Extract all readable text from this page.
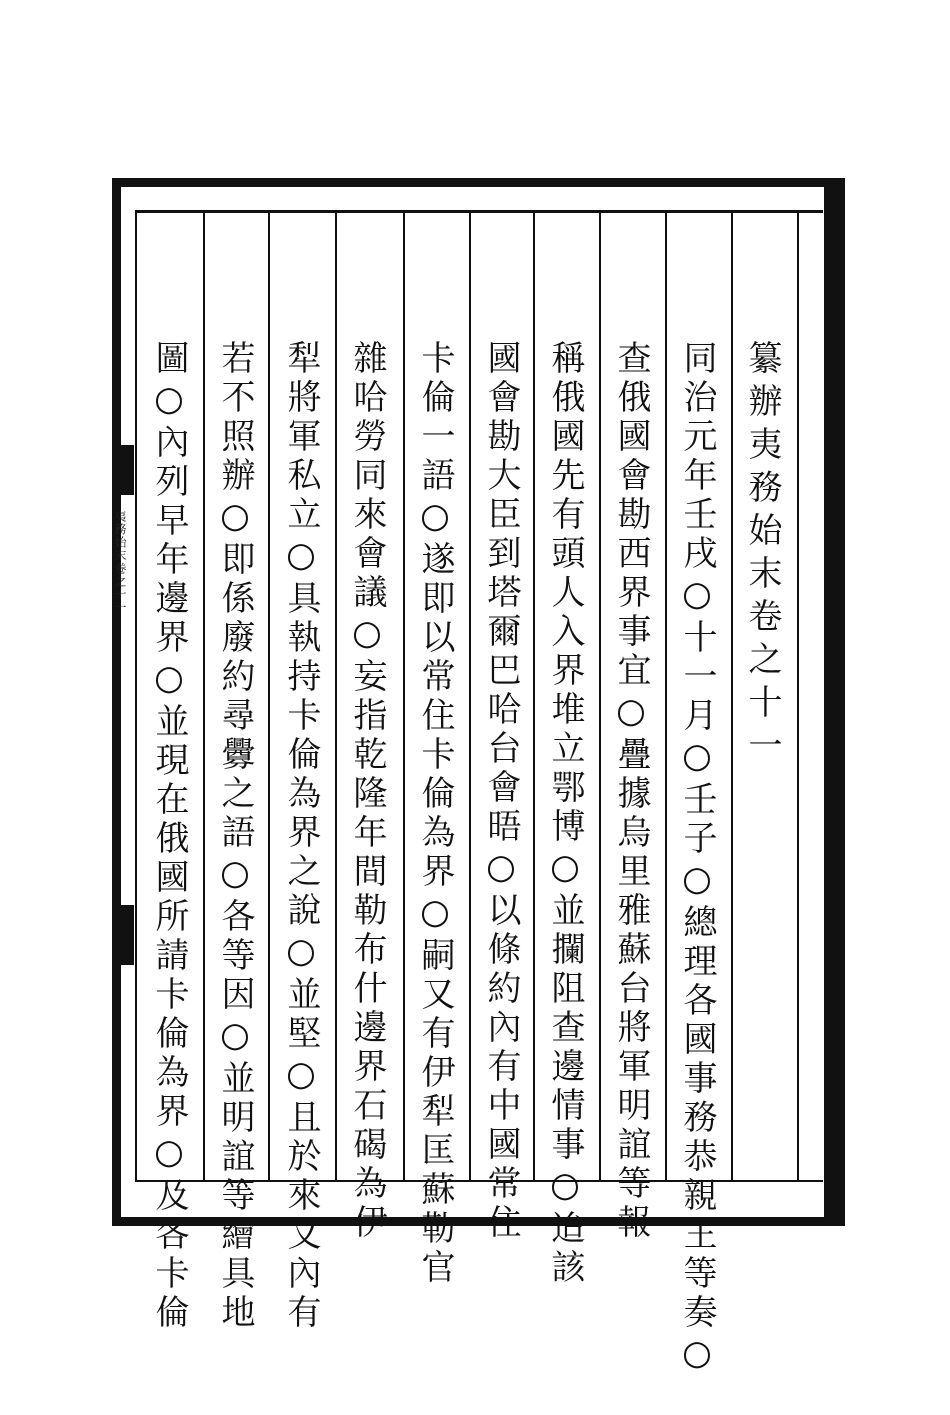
夷務始末卷之十一	纂辦夷務始末卷之十一
同治元年壬戌○十一月○壬子○總理各國事務恭親王等奏○
查俄國會勘西界事宜○疊據烏里雅蘇台將軍明誼等報
稱俄國先有頭人入界堆立鄂博○並攔阻查邊情事○迨該
國會勘大臣到塔爾巴哈台會晤○以條約內有中國常住
卡倫一語○遂即以常住卡倫為界○嗣又有伊犁匡蘇勒官
雜哈勞同來會議○妄指乾隆年間勒布什邊界石碣為伊
犁將軍私立○具執持卡倫為界之說○並堅○且於來文內有
若不照辦○即係廢約尋釁之語○各等因○並明誼等繪具地
圖○內列早年邊界○並現在俄國所請卡倫為界○及各卡倫
